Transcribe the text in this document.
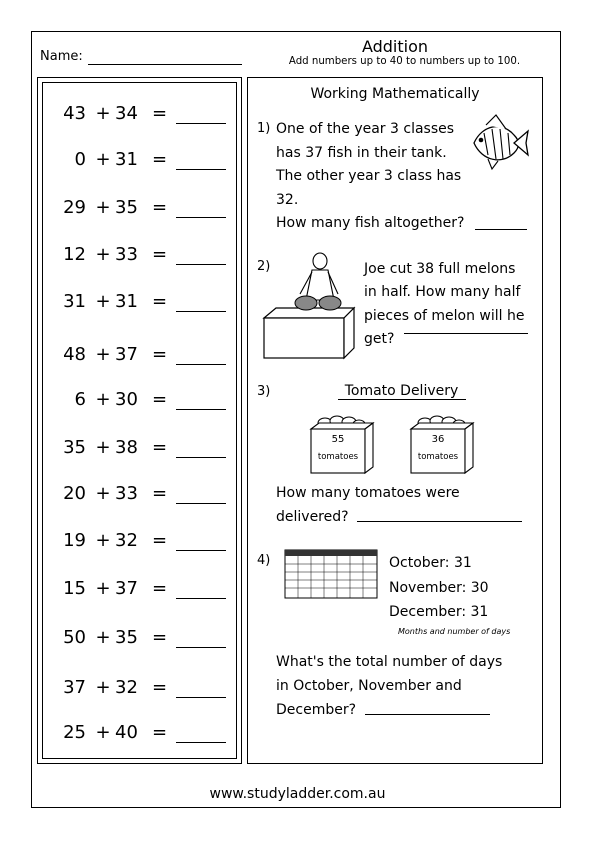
Name:
Addition
Add numbers up to 40 to numbers up to 100.
43 + 34 =
0 + 31 =
29 + 35 =
12 + 33 =
31 + 31 =
48 + 37 =
6 + 30 =
35 + 38 =
20 + 33 =
19 + 32 =
15 + 37 =
50 + 35 =
37 + 32 =
25 + 40 =
Working Mathematically
1) One of the year 3 classes
has 37 fish in their tank.
The other year 3 class has
32.
How many fish altogether?
2)	Joe cut 38 full melons
in half. How many half
pieces of melon will he
get?
3)	Tomato Delivery
55
tomatoes
36
tomatoes
How many tomatoes were
delivered?
4)	October: 31
November: 30
December: 31
Months and number of days
What's the total number of days
in October, November and
December?
www.studyladder.com.au
